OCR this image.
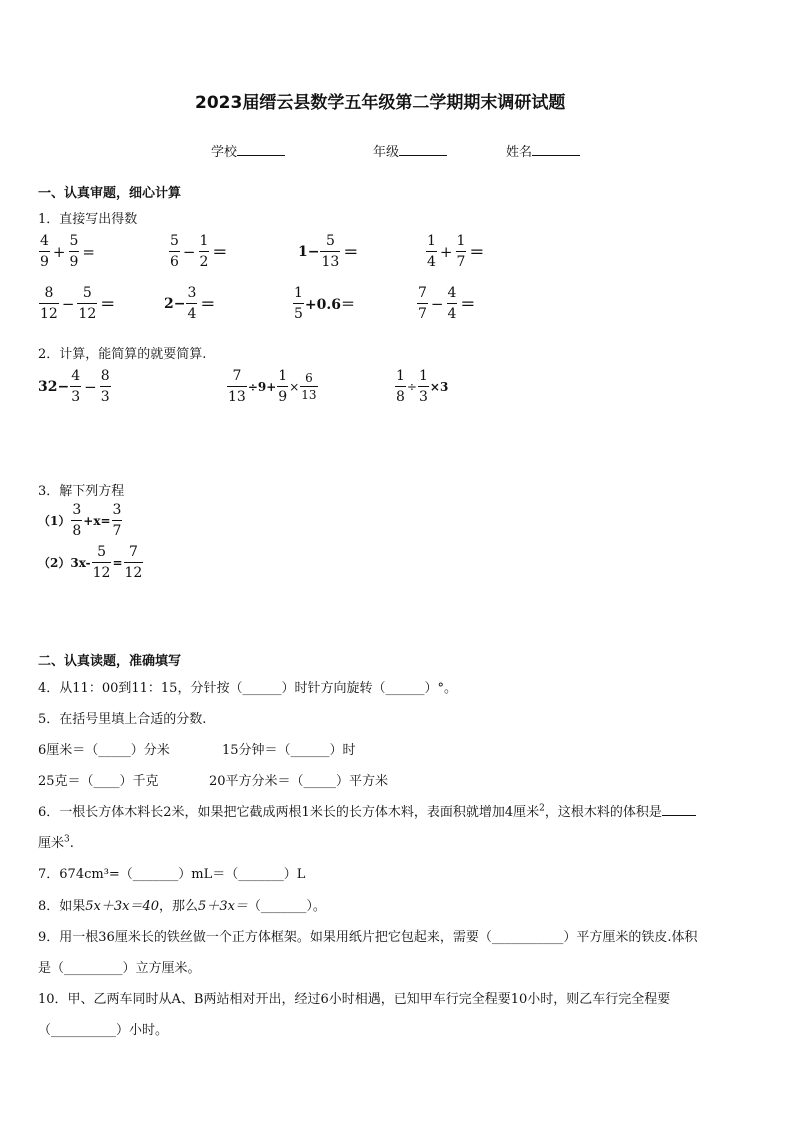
2023届缙云县数学五年级第二学期期末调研试题
学校	年级	姓名
一、认真审题，细心计算
1．直接写出得数
$\frac{4}{9} + \frac{5}{9}$ =	$\frac{5}{6} - \frac{1}{2}$ ＝	$1- \frac{5}{13}$ ＝	$\frac{1}{4} + \frac{1}{7}$ ＝
$\frac{8}{12} - \frac{5}{12}$ ＝	$2- \frac{3}{4}$ ＝	$\frac{1}{5} +0.6=$	$\frac{7}{7} - \frac{4}{4}$ ＝
2．计算，能简算的就要简算.
$32- \frac{4}{3} - \frac{8}{3}$	$\frac{7}{13} \div 9+ \frac{1}{9} \times \frac{6}{13}$	$\frac{1}{8} \div \frac{1}{3} \times 3$
3．解下列方程
$(1) \frac{3}{8} +x= \frac{3}{7}$
$(2)3x- \frac{5}{12} = \frac{7}{12}$
二、认真读题，准确填写
4．从11：00到11：15，分针按（______）时针方向旋转（______）°。
5．在括号里填上合适的分数.
6厘米＝（_____）分米	15分钟＝（______）时
25克＝（____）千克	20平方分米＝（_____）平方米
6．一根长方体木料长2米，如果把它截成两根1米长的长方体木料，表面积就增加4厘米$^2$，这根木料的体积是
厘米$^3$.
7．674cm³=（_______）mL＝（_______）L
8．如果5x＋3x＝40，那么5＋3x＝（_______）。
9．用一根36厘米长的铁丝做一个正方体框架。如果用纸片把它包起来，需要（___________）平方厘米的铁皮.体积
是（_________）立方厘米。
10．甲、乙两车同时从A、B两站相对开出，经过6小时相遇，已知甲车行完全程要10小时，则乙车行完全程要
（__________）小时。
